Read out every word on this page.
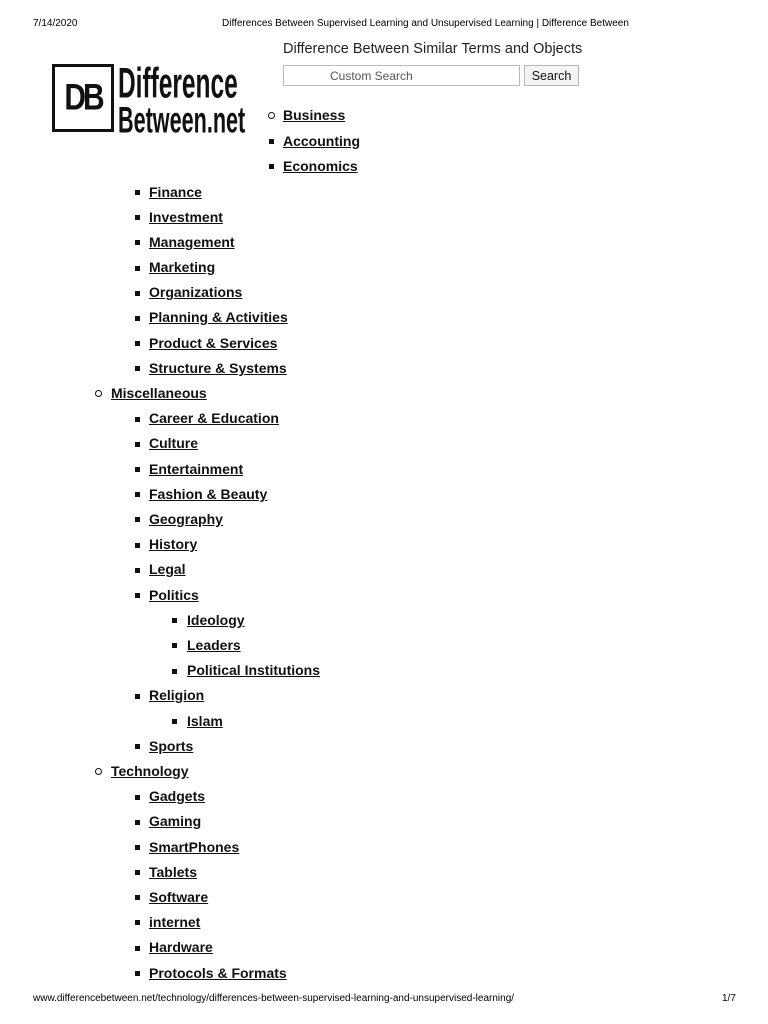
7/14/2020	Differences Between Supervised Learning and Unsupervised Learning | Difference Between
DB Difference
Between.net
Difference Between Similar Terms and Objects
Custom Search
Search
Business
Accounting
Economics
Finance
Investment
Management
Marketing
Organizations
Planning & Activities
Product & Services
Structure & Systems
Miscellaneous
Career & Education
Culture
Entertainment
Fashion & Beauty
Geography
History
Legal
Politics
Ideology
Leaders
Political Institutions
Religion
Islam
Sports
Technology
Gadgets
Gaming
SmartPhones
Tablets
Software
internet
Hardware
Protocols & Formats
www.differencebetween.net/technology/differences-between-supervised-learning-and-unsupervised-learning/	1/7
